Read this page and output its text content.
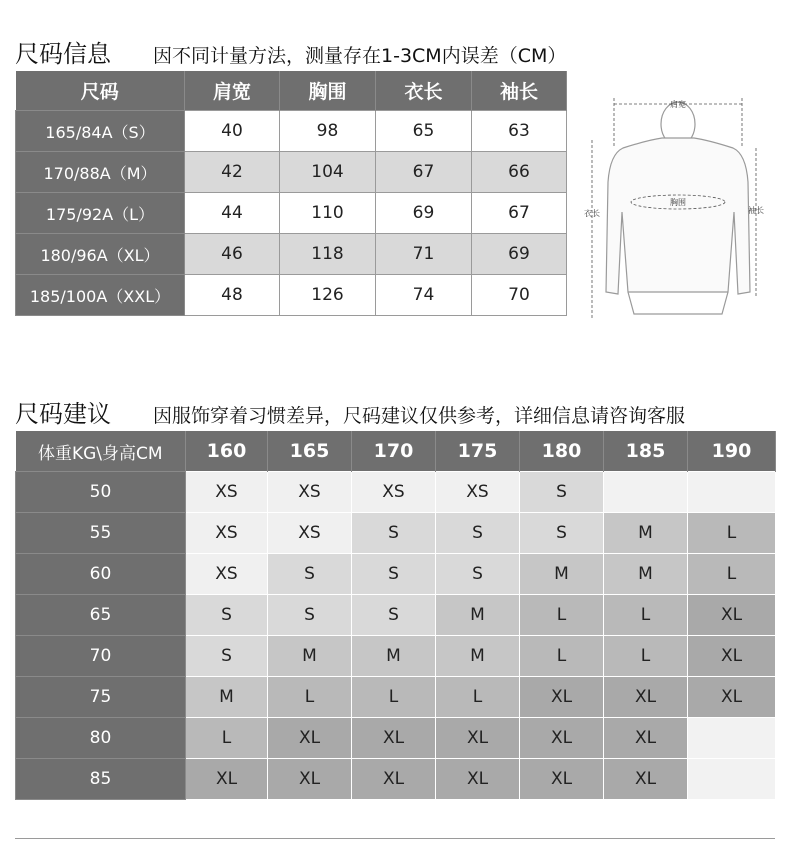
尺码信息 因不同计量方法，测量存在1-3CM内误差（CM）
尺码	肩宽	胸围	衣长	袖长
165/84A（S）	40	98	65	63
170/88A（M）	42	104	67	66
175/92A（L）	44	110	69	67
180/96A（XL）	46	118	71	69
185/100A（XXL）	48	126	74	70
肩宽
胸围
衣长	袖长
尺码建议 因服饰穿着习惯差异，尺码建议仅供参考，详细信息请咨询客服
体重KG\身高CM	160	165	170	175	180	185	190
50	XS	XS	XS	XS	S		
55	XS	XS	S	S	S	M	L
60	XS	S	S	S	M	M	L
65	S	S	S	M	L	L	XL
70	S	M	M	M	L	L	XL
75	M	L	L	L	XL	XL	XL
80	L	XL	XL	XL	XL	XL	
85	XL	XL	XL	XL	XL	XL	
